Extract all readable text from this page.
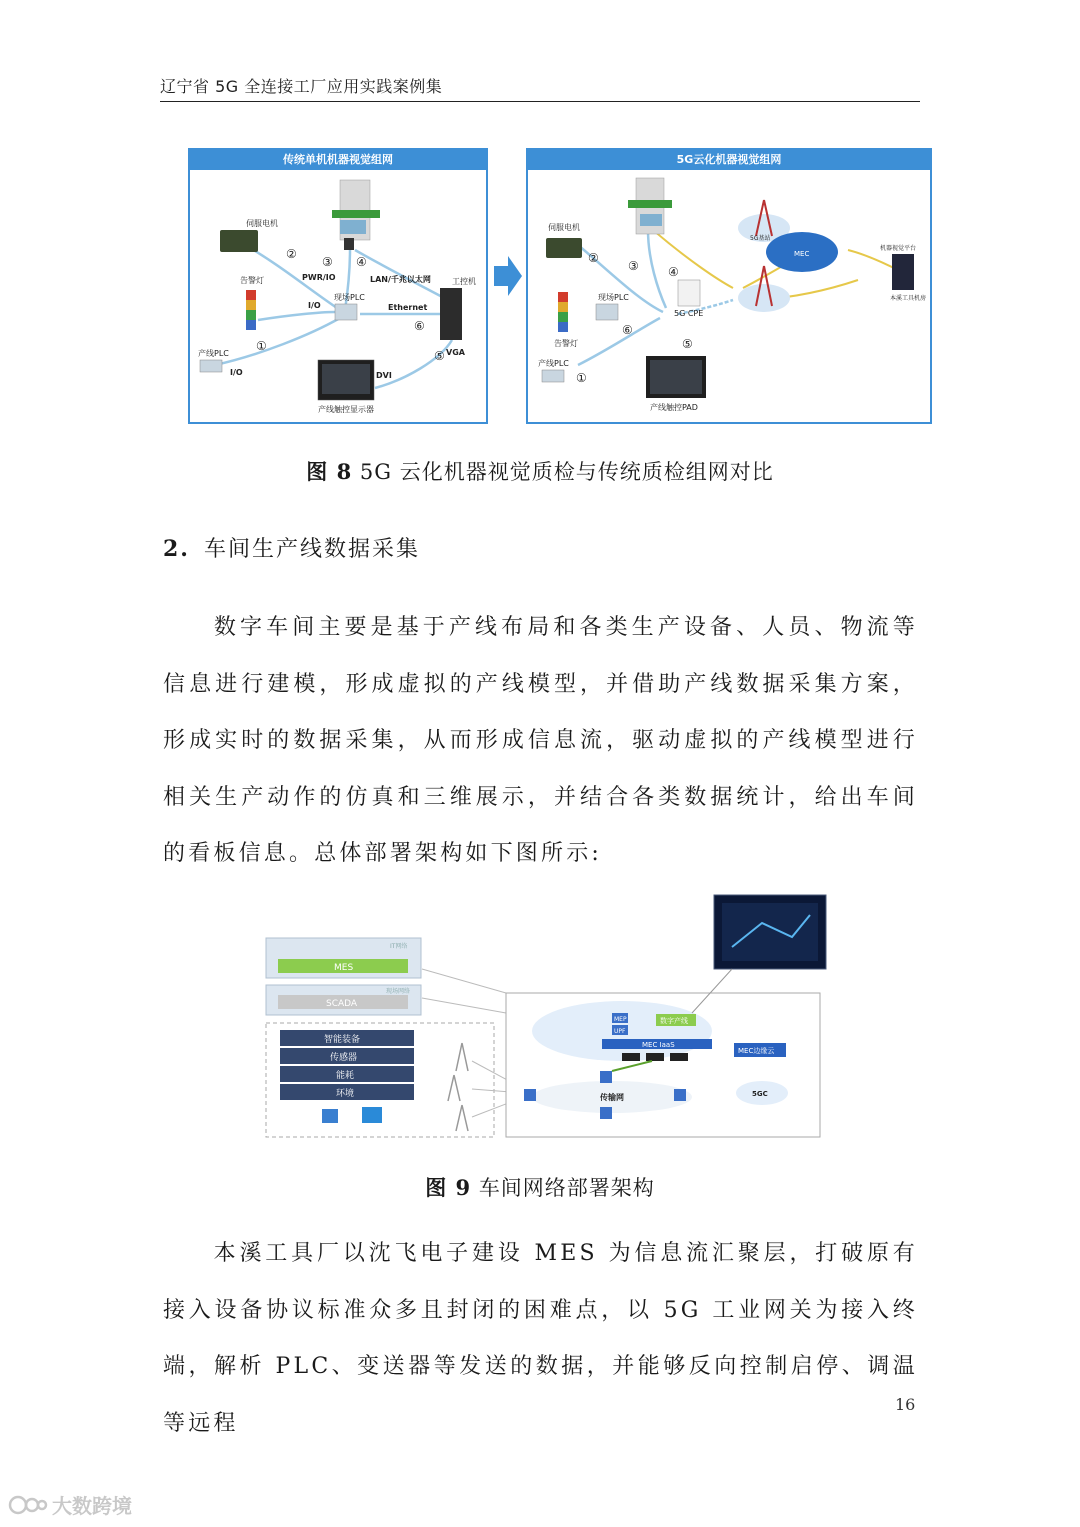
辽宁省 5G 全连接工厂应用实践案例集
传统单机机器视觉组网
伺服电机
告警灯
产线PLC
现场PLC
工控机
产线触控显示器
PWR/IO	LAN/千兆以太网
I/O
I/O
Ethernet
VGA
DVI
①
②
③ ④
⑤
⑥
5G云化机器视觉组网
伺服电机
告警灯
产线PLC
现场PLC
5G CPE
产线触控PAD
MEC
5G基站
机器视觉平台
本溪工具机房
①
②
③ ④
⑤
⑥
图 8 5G 云化机器视觉质检与传统质检组网对比
2. 车间生产线数据采集
数字车间主要是基于产线布局和各类生产设备、人员、物流等信息进行建模，形成虚拟的产线模型，并借助产线数据采集方案，形成实时的数据采集，从而形成信息流，驱动虚拟的产线模型进行相关生产动作的仿真和三维展示，并结合各类数据统计，给出车间的看板信息。总体部署架构如下图所示:
IT网络
MES
现场网络
SCADA
智能装备
传感器
能耗
环境
MEP
UPF
数字产线
MEC IaaS
MEC边缘云
5GC
传输网
图 9 车间网络部署架构
本溪工具厂以沈飞电子建设 MES 为信息流汇聚层，打破原有接入设备协议标准众多且封闭的困难点，以 5G 工业网关为接入终端，解析 PLC、变送器等发送的数据，并能够反向控制启停、调温等远程
16
大数跨境
